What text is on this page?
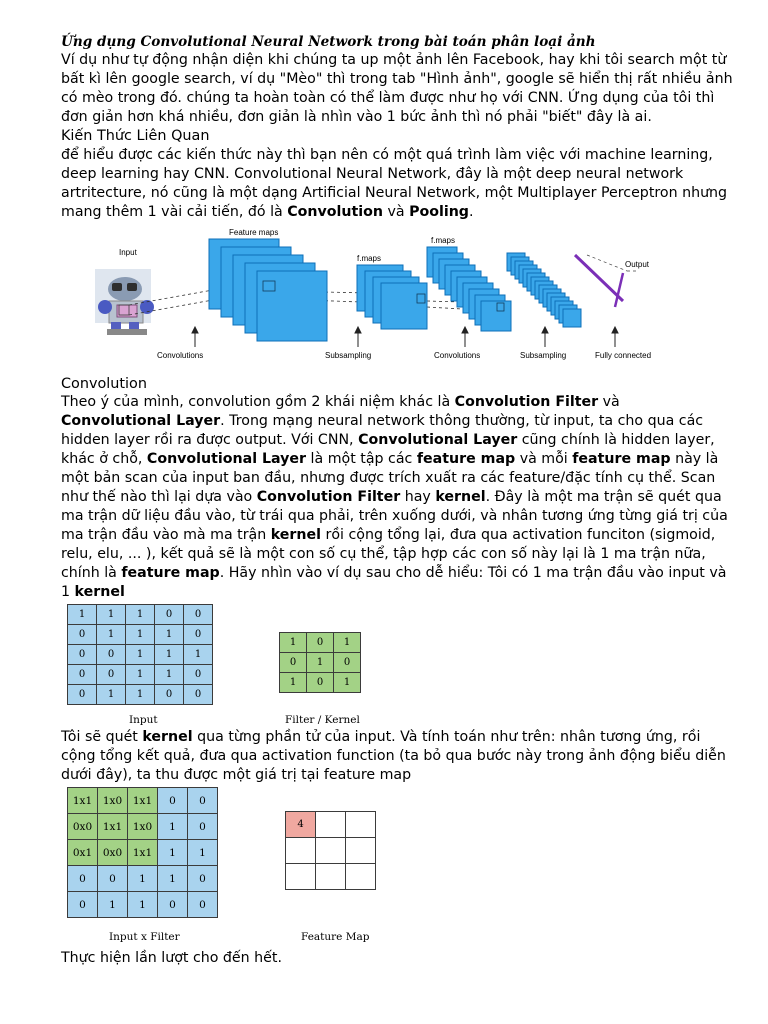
Ứng dụng Convolutional Neural Network trong bài toán phân loại ảnh

Ví dụ như tự động nhận diện khi chúng ta up một ảnh lên Facebook, hay khi tôi search một từ bất kì lên google search, ví dụ "Mèo" thì trong tab "Hình ảnh", google sẽ hiển thị rất nhiều ảnh có mèo trong đó. chúng ta hoàn toàn có thể làm được như họ với CNN. Ứng dụng của tôi thì đơn giản hơn khá nhiều, đơn giản là nhìn vào 1 bức ảnh thì nó phải "biết" đây là ai.

Kiến Thức Liên Quan

để hiểu được các kiến thức này thì bạn nên có một quá trình làm việc với machine learning, deep learning hay CNN. Convolutional Neural Network, đây là một deep neural network artritecture, nó cũng là một dạng Artificial Neural Network, một Multiplayer Perceptron nhưng mang thêm 1 vài cải tiến, đó là Convolution và Pooling.

Input
Feature maps
f.maps
f.maps
Output
Convolutions	Subsampling	Convolutions	Subsampling	Fully connected

Convolution

Theo ý của mình, convolution gồm 2 khái niệm khác là Convolution Filter và Convolutional Layer. Trong mạng neural network thông thường, từ input, ta cho qua các hidden layer rồi ra được output. Với CNN, Convolutional Layer cũng chính là hidden layer, khác ở chỗ, Convolutional Layer là một tập các feature map và mỗi feature map này là một bản scan của input ban đầu, nhưng được trích xuất ra các feature/đặc tính cụ thể. Scan như thế nào thì lại dựa vào Convolution Filter hay kernel. Đây là một ma trận sẽ quét qua ma trận dữ liệu đầu vào, từ trái qua phải, trên xuống dưới, và nhân tương ứng từng giá trị của ma trận đầu vào mà ma trận kernel rồi cộng tổng lại, đưa qua activation funciton (sigmoid, relu, elu, ... ), kết quả sẽ là một con số cụ thể, tập hợp các con số này lại là 1 ma trận nữa, chính là feature map. Hãy nhìn vào ví dụ sau cho dễ hiểu: Tôi có 1 ma trận đầu vào input và 1 kernel

1	1	1	0	0
0	1	1	1	0
0	0	1	1	1
0	0	1	1	0
0	1	1	0	0
Input
1	0	1
0	1	0
1	0	1
Filter / Kernel

Tôi sẽ quét kernel qua từng phần tử của input. Và tính toán như trên: nhân tương ứng, rồi cộng tổng kết quả, đưa qua activation function (ta bỏ qua bước này trong ảnh động biểu diễn dưới đây), ta thu được một giá trị tại feature map

1x1	1x0	1x1	0	0
0x0	1x1	1x0	1	0
0x1	0x0	1x1	1	1
0	0	1	1	0
0	1	1	0	0
Input x Filter
4		

Feature Map

Thực hiện lần lượt cho đến hết.
